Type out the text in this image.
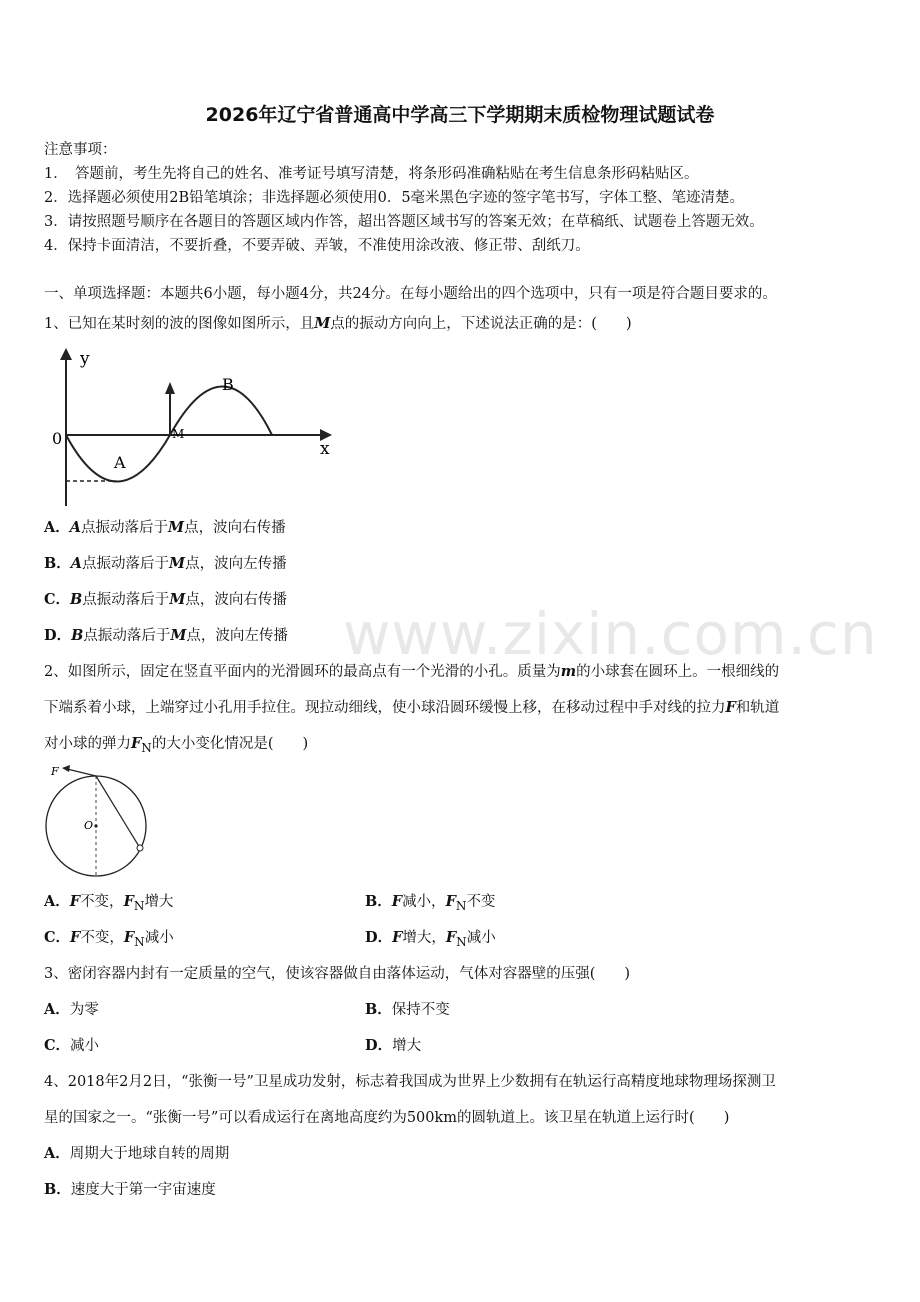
2026年辽宁省普通高中学高三下学期期末质检物理试题试卷
注意事项：
1．　答题前，考生先将自己的姓名、准考证号填写清楚，将条形码准确粘贴在考生信息条形码粘贴区。
2．选择题必须使用2B铅笔填涂；非选择题必须使用0．5毫米黑色字迹的签字笔书写，字体工整、笔迹清楚。
3．请按照题号顺序在各题目的答题区域内作答，超出答题区域书写的答案无效；在草稿纸、试题卷上答题无效。
4．保持卡面清洁，不要折叠，不要弄破、弄皱，不准使用涂改液、修正带、刮纸刀。
一、单项选择题：本题共6小题，每小题4分，共24分。在每小题给出的四个选项中，只有一项是符合题目要求的。
1、已知在某时刻的波的图像如图所示，且M点的振动方向向上，下述说法正确的是：(　　)
y
x
0
A
B
M
A．A点振动落后于M点，波向右传播
B．A点振动落后于M点，波向左传播
C．B点振动落后于M点，波向右传播
D．B点振动落后于M点，波向左传播 www.zixin.com.cn
2、如图所示，固定在竖直平面内的光滑圆环的最高点有一个光滑的小孔。质量为m的小球套在圆环上。一根细线的
下端系着小球，上端穿过小孔用手拉住。现拉动细线，使小球沿圆环缓慢上移，在移动过程中手对线的拉力F和轨道
对小球的弹力$F_N$的大小变化情况是(　　)
F
O
A．F不变，$F_N$增大	B．F减小，$F_N$不变
C．F不变，$F_N$减小	D．F增大，$F_N$减小
3、密闭容器内封有一定质量的空气，使该容器做自由落体运动，气体对容器壁的压强(　　)
A．为零	B．保持不变
C．减小	D．增大
4、2018年2月2日，“张衡一号”卫星成功发射，标志着我国成为世界上少数拥有在轨运行高精度地球物理场探测卫
星的国家之一。“张衡一号”可以看成运行在离地高度约为500km的圆轨道上。该卫星在轨道上运行时(　　)
A．周期大于地球自转的周期
B．速度大于第一宇宙速度
